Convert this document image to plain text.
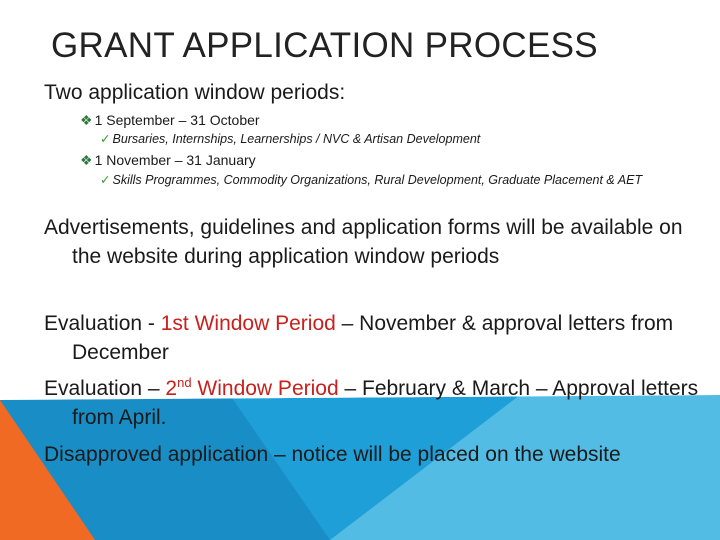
GRANT APPLICATION PROCESS
Two application window periods:
❖ 1 September – 31 October
✓ Bursaries, Internships, Learnerships / NVC & Artisan Development
❖ 1 November – 31 January
✓ Skills Programmes, Commodity Organizations, Rural Development, Graduate Placement & AET
Advertisements, guidelines and application forms will be available on the website during application window periods
Evaluation - 1st Window Period – November & approval letters from December
Evaluation – 2nd Window Period – February & March – Approval letters from April.
Disapproved application – notice will be placed on the website
